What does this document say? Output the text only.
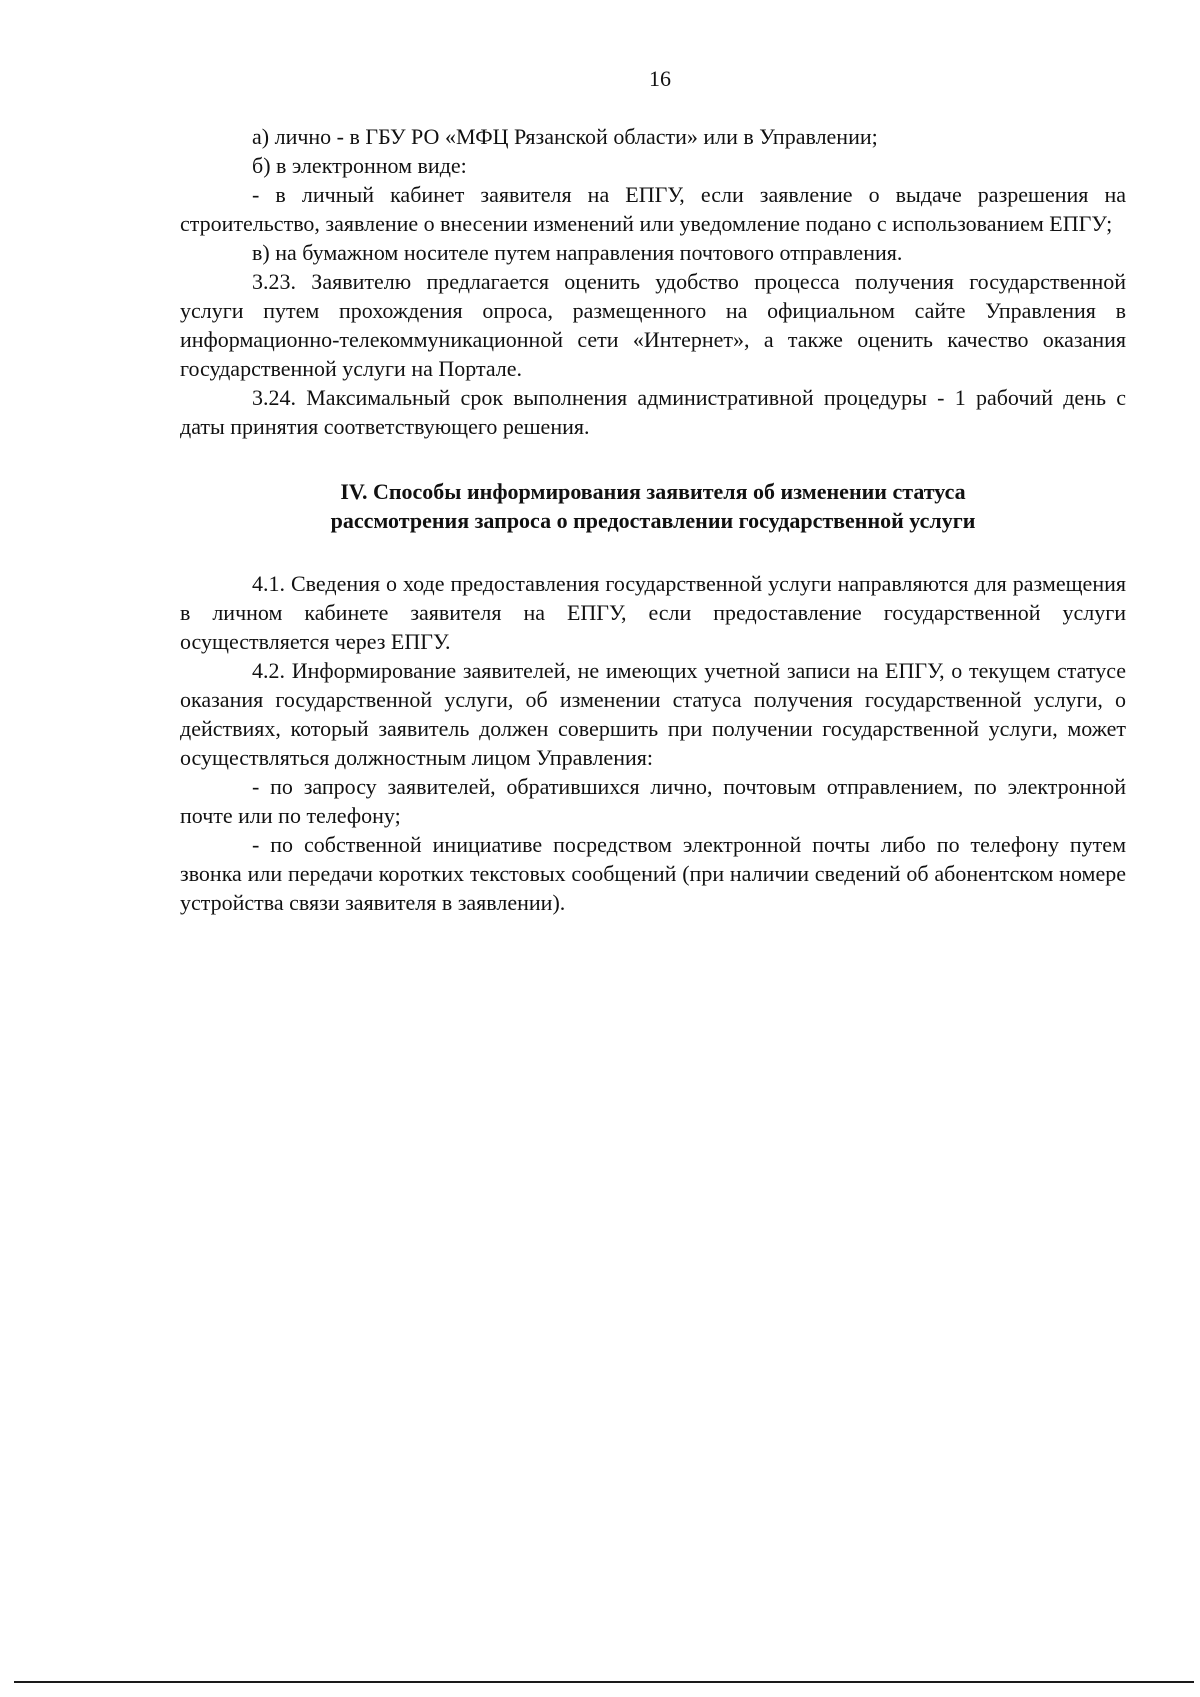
16

а) лично - в ГБУ РО «МФЦ Рязанской области» или в Управлении;

б) в электронном виде:

- в личный кабинет заявителя на ЕПГУ, если заявление о выдаче разрешения на строительство, заявление о внесении изменений или уведомление подано с использованием ЕПГУ;

в) на бумажном носителе путем направления почтового отправления.

3.23. Заявителю предлагается оценить удобство процесса получения государственной услуги путем прохождения опроса, размещенного на официальном сайте Управления в информационно-телекоммуникационной сети «Интернет», а также оценить качество оказания государственной услуги на Портале.

3.24. Максимальный срок выполнения административной процедуры - 1 рабочий день с даты принятия соответствующего решения.

IV. Способы информирования заявителя об изменении статуса
рассмотрения запроса о предоставлении государственной услуги

4.1. Сведения о ходе предоставления государственной услуги направляются для размещения в личном кабинете заявителя на ЕПГУ, если предоставление государственной услуги осуществляется через ЕПГУ.

4.2. Информирование заявителей, не имеющих учетной записи на ЕПГУ, о текущем статусе оказания государственной услуги, об изменении статуса получения государственной услуги, о действиях, который заявитель должен совершить при получении государственной услуги, может осуществляться должностным лицом Управления:

- по запросу заявителей, обратившихся лично, почтовым отправлением, по электронной почте или по телефону;

- по собственной инициативе посредством электронной почты либо по телефону путем звонка или передачи коротких текстовых сообщений (при наличии сведений об абонентском номере устройства связи заявителя в заявлении).
